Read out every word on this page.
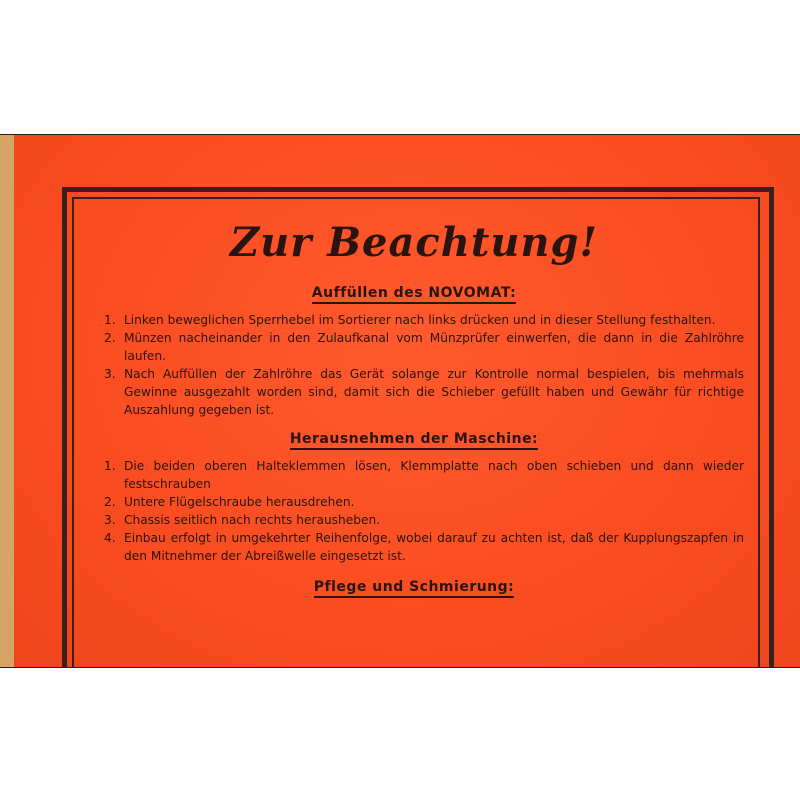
Zur Beachtung!
Auffüllen des NOVOMAT:
1. Linken beweglichen Sperrhebel im Sortierer nach links drücken und in dieser Stellung festhalten.
2. Münzen nacheinander in den Zulaufkanal vom Münzprüfer einwerfen, die dann in die Zahlröhre laufen.
3. Nach Auffüllen der Zahlröhre das Gerät solange zur Kontrolle normal bespielen, bis mehrmals Gewinne ausgezahlt worden sind, damit sich die Schieber gefüllt haben und Gewähr für richtige Auszahlung gegeben ist.
Herausnehmen der Maschine:
1. Die beiden oberen Halteklemmen lösen, Klemmplatte nach oben schieben und dann wieder festschrauben
2. Untere Flügelschraube herausdrehen.
3. Chassis seitlich nach rechts herausheben.
4. Einbau erfolgt in umgekehrter Reihenfolge, wobei darauf zu achten ist, daß der Kupplungszapfen in den Mitnehmer der Abreißwelle eingesetzt ist.
Pflege und Schmierung:
